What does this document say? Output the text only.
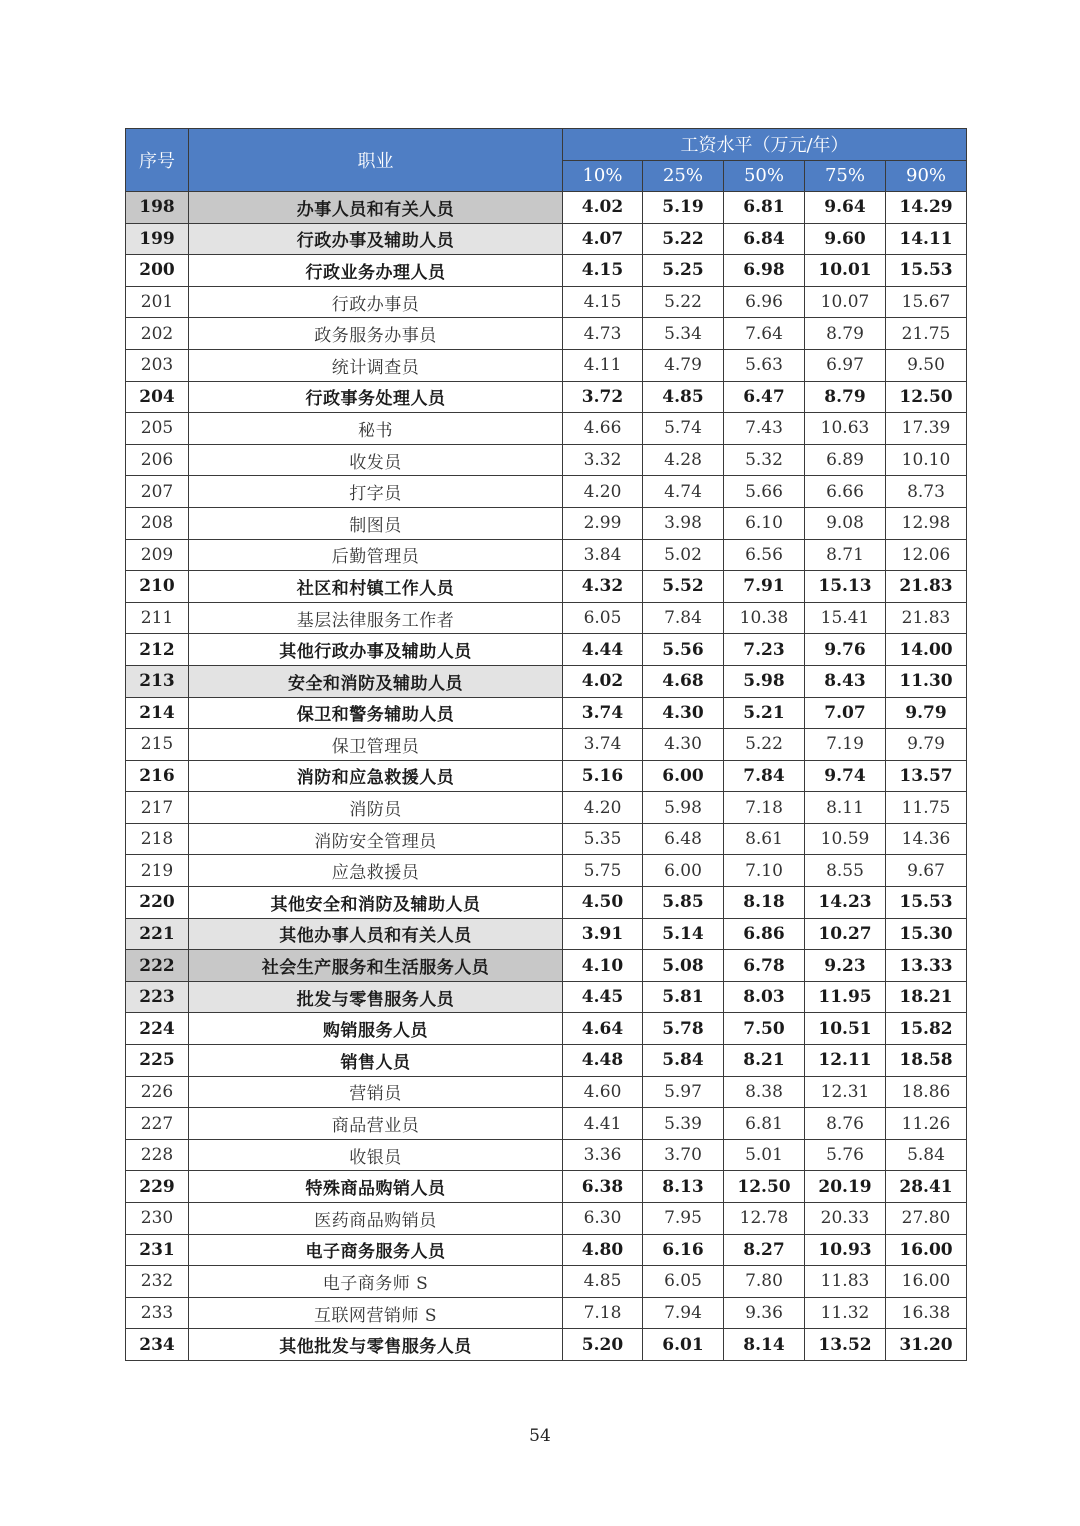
序号	职业	工资水平（万元/年）				
		10%	25%	50%	75%	90%
198	办事人员和有关人员	4.02	5.19	6.81	9.64	14.29
199	行政办事及辅助人员	4.07	5.22	6.84	9.60	14.11
200	行政业务办理人员	4.15	5.25	6.98	10.01	15.53
201	行政办事员	4.15	5.22	6.96	10.07	15.67
202	政务服务办事员	4.73	5.34	7.64	8.79	21.75
203	统计调查员	4.11	4.79	5.63	6.97	9.50
204	行政事务处理人员	3.72	4.85	6.47	8.79	12.50
205	秘书	4.66	5.74	7.43	10.63	17.39
206	收发员	3.32	4.28	5.32	6.89	10.10
207	打字员	4.20	4.74	5.66	6.66	8.73
208	制图员	2.99	3.98	6.10	9.08	12.98
209	后勤管理员	3.84	5.02	6.56	8.71	12.06
210	社区和村镇工作人员	4.32	5.52	7.91	15.13	21.83
211	基层法律服务工作者	6.05	7.84	10.38	15.41	21.83
212	其他行政办事及辅助人员	4.44	5.56	7.23	9.76	14.00
213	安全和消防及辅助人员	4.02	4.68	5.98	8.43	11.30
214	保卫和警务辅助人员	3.74	4.30	5.21	7.07	9.79
215	保卫管理员	3.74	4.30	5.22	7.19	9.79
216	消防和应急救援人员	5.16	6.00	7.84	9.74	13.57
217	消防员	4.20	5.98	7.18	8.11	11.75
218	消防安全管理员	5.35	6.48	8.61	10.59	14.36
219	应急救援员	5.75	6.00	7.10	8.55	9.67
220	其他安全和消防及辅助人员	4.50	5.85	8.18	14.23	15.53
221	其他办事人员和有关人员	3.91	5.14	6.86	10.27	15.30
222	社会生产服务和生活服务人员	4.10	5.08	6.78	9.23	13.33
223	批发与零售服务人员	4.45	5.81	8.03	11.95	18.21
224	购销服务人员	4.64	5.78	7.50	10.51	15.82
225	销售人员	4.48	5.84	8.21	12.11	18.58
226	营销员	4.60	5.97	8.38	12.31	18.86
227	商品营业员	4.41	5.39	6.81	8.76	11.26
228	收银员	3.36	3.70	5.01	5.76	5.84
229	特殊商品购销人员	6.38	8.13	12.50	20.19	28.41
230	医药商品购销员	6.30	7.95	12.78	20.33	27.80
231	电子商务服务人员	4.80	6.16	8.27	10.93	16.00
232	电子商务师 S	4.85	6.05	7.80	11.83	16.00
233	互联网营销师 S	7.18	7.94	9.36	11.32	16.38
234	其他批发与零售服务人员	5.20	6.01	8.14	13.52	31.20
54
